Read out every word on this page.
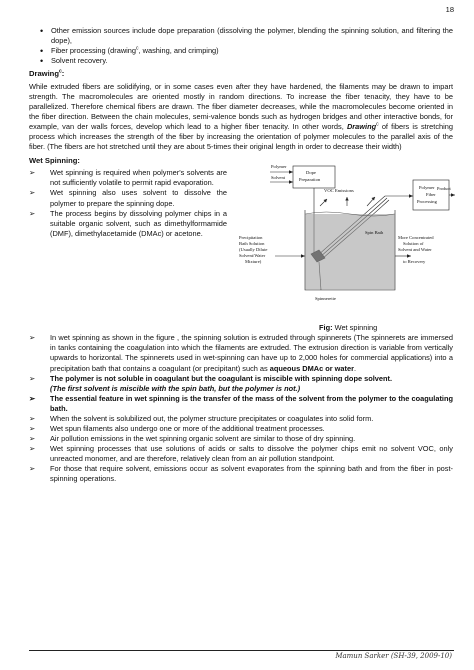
18
• Other emission sources include dope preparation (dissolving the polymer, blending the spinning solution, and filtering the dope),
• Fiber processing (drawing$^c$, washing, and crimping)
• Solvent recovery.
Drawing$^c$:

While extruded fibers are solidifying, or in some cases even after they have hardened, the filaments may be drawn to impart strength. The macromolecules are oriented mostly in random directions. To increase the fiber tenacity, they have to be parallelized. Therefore chemical fibers are drawn. The fiber diameter decreases, while the macromolecules become oriented in the fiber direction. Between the chain molecules, semi-valence bonds such as hydrogen bridges and other interactive bonds, for example, van der walls forces, develop which lead to a higher fiber tenacity. In other words, Drawing$^c$ of fibers is stretching process which increases the strength of the fiber by increasing the orientation of polymer molecules to the parallel axis of the fiber. (The fibers are hot stretched until they are about 5-times their original length in order to decrease their width)

Wet Spinning:
➢ Wet spinning is required when polymer's solvents are not sufficiently volatile to permit rapid evaporation.
➢ Wet spinning also uses solvent to dissolve the polymer to prepare the spinning dope.
➢ The process begins by dissolving polymer chips in a suitable organic solvent, such as dimethylformamide (DMF), dimethylacetamide (DMAc) or acetone.
Polymer
Solvent
Dope
Preparation
VOC Emissions
Spin Bath
Polymer
Fiber
Processing
Product
Precipitation
Bath Solution
(Usually Dilute
Solvent/Water
Mixture)
More Concentrated
Solution of
Solvent and Water
to Recovery
Spinnerette
Fig: Wet spinning
➢ In wet spinning as shown in the figure , the spinning solution is extruded through spinnerets (The spinnerets are immersed in tanks containing the coagulation into which the filaments are extruded. The extrusion direction is variable from vertically upwards to horizontal. The spinnerets used in wet-spinning can have up to 2,000 holes for commercial applications) into a precipitation bath that contains a coagulant (or precipitant) such as aqueous DMAc or water.
➢ The polymer is not soluble in coagulant but the coagulant is miscible with spinning dope solvent.
(The first solvent is miscible with the spin bath, but the polymer is not.)
➢ The essential feature in wet spinning is the transfer of the mass of the solvent from the polymer to the coagulating bath.
➢ When the solvent is solubilized out, the polymer structure precipitates or coagulates into solid form.
➢ Wet spun filaments also undergo one or more of the additional treatment processes.
➢ Air pollution emissions in the wet spinning organic solvent are similar to those of dry spinning.
➢ Wet spinning processes that use solutions of acids or salts to dissolve the polymer chips emit no solvent VOC, only unreacted monomer, and are therefore, relatively clean from an air pollution standpoint.
➢ For those that require solvent, emissions occur as solvent evaporates from the spinning bath and from the fiber in post-spinning operations.
Mamun Sarker (SH-39, 2009-10)
